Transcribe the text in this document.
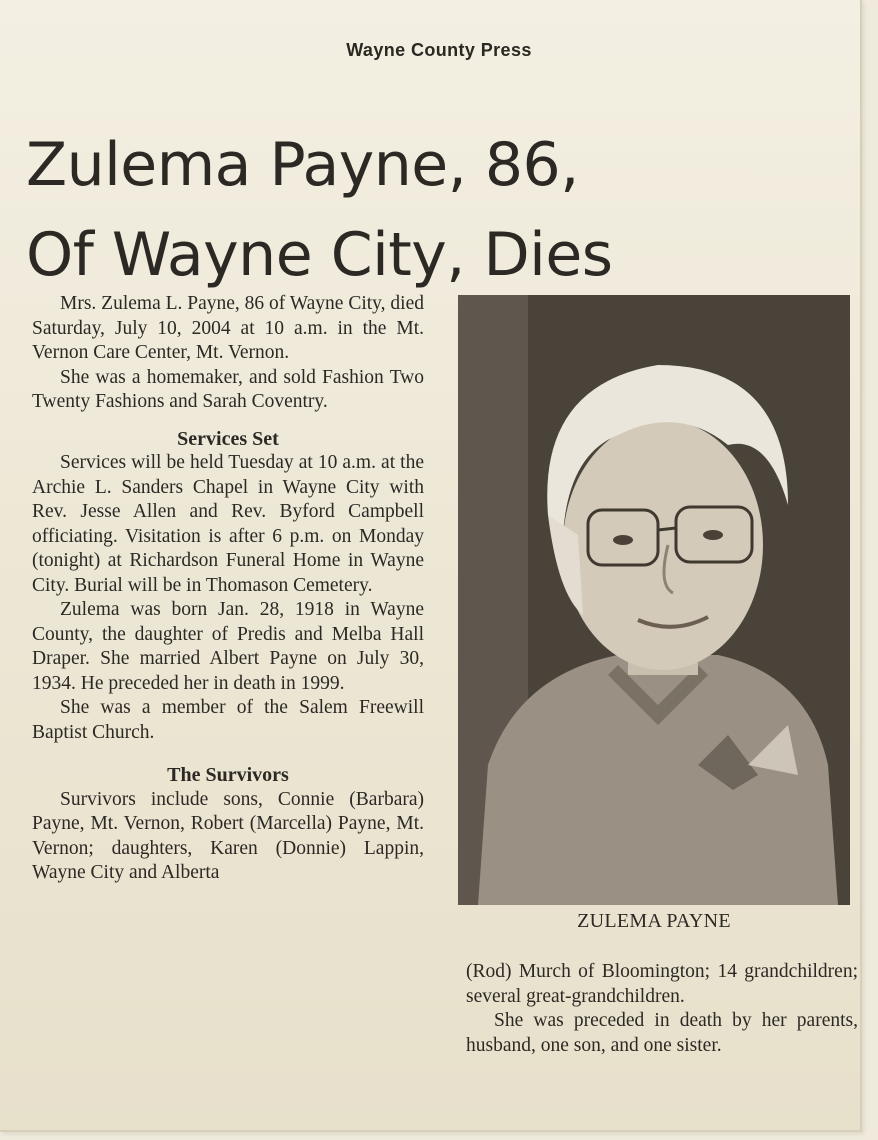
Wayne County Press
Zulema Payne, 86,
Of Wayne City, Dies

Mrs. Zulema L. Payne, 86 of Wayne City, died Saturday, July 10, 2004 at 10 a.m. in the Mt. Vernon Care Center, Mt. Vernon.

She was a homemaker, and sold Fashion Two Twenty Fashions and Sarah Coventry.

Services Set

Services will be held Tuesday at 10 a.m. at the Archie L. Sanders Chapel in Wayne City with Rev. Jesse Allen and Rev. Byford Campbell officiating. Visitation is after 6 p.m. on Monday (tonight) at Richardson Funeral Home in Wayne City. Burial will be in Thomason Cemetery.

Zulema was born Jan. 28, 1918 in Wayne County, the daughter of Predis and Melba Hall Draper. She married Albert Payne on July 30, 1934. He preceded her in death in 1999.

She was a member of the Salem Freewill Baptist Church.

The Survivors

Survivors include sons, Connie (Barbara) Payne, Mt. Vernon, Robert (Marcella) Payne, Mt. Vernon; daughters, Karen (Donnie) Lappin, Wayne City and Alberta

ZULEMA PAYNE

(Rod) Murch of Bloomington; 14 grandchildren; several great-grandchildren.

She was preceded in death by her parents, husband, one son, and one sister.
